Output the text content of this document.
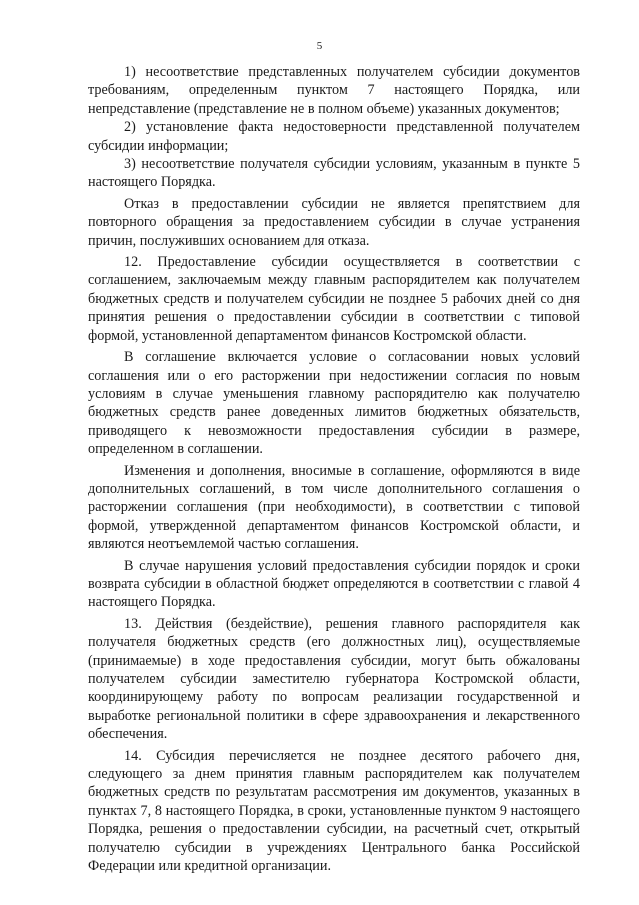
5

1) несоответствие представленных получателем субсидии документов требованиям, определенным пунктом 7 настоящего Порядка, или непредставление (представление не в полном объеме) указанных документов;

2) установление факта недостоверности представленной получателем субсидии информации;

3) несоответствие получателя субсидии условиям, указанным в пункте 5 настоящего Порядка.

Отказ в предоставлении субсидии не является препятствием для повторного обращения за предоставлением субсидии в случае устранения причин, послуживших основанием для отказа.

12. Предоставление субсидии осуществляется в соответствии с соглашением, заключаемым между главным распорядителем как получателем бюджетных средств и получателем субсидии не позднее 5 рабочих дней со дня принятия решения о предоставлении субсидии в соответствии с типовой формой, установленной департаментом финансов Костромской области.

В соглашение включается условие о согласовании новых условий соглашения или о его расторжении при недостижении согласия по новым условиям в случае уменьшения главному распорядителю как получателю бюджетных средств ранее доведенных лимитов бюджетных обязательств, приводящего к невозможности предоставления субсидии в размере, определенном в соглашении.

Изменения и дополнения, вносимые в соглашение, оформляются в виде дополнительных соглашений, в том числе дополнительного соглашения о расторжении соглашения (при необходимости), в соответствии с типовой формой, утвержденной департаментом финансов Костромской области, и являются неотъемлемой частью соглашения.

В случае нарушения условий предоставления субсидии порядок и сроки возврата субсидии в областной бюджет определяются в соответствии с главой 4 настоящего Порядка.

13. Действия (бездействие), решения главного распорядителя как получателя бюджетных средств (его должностных лиц), осуществляемые (принимаемые) в ходе предоставления субсидии, могут быть обжалованы получателем субсидии заместителю губернатора Костромской области, координирующему работу по вопросам реализации государственной и выработке региональной политики в сфере здравоохранения и лекарственного обеспечения.

14. Субсидия перечисляется не позднее десятого рабочего дня, следующего за днем принятия главным распорядителем как получателем бюджетных средств по результатам рассмотрения им документов, указанных в пунктах 7, 8 настоящего Порядка, в сроки, установленные пунктом 9 настоящего Порядка, решения о предоставлении субсидии, на расчетный счет, открытый получателю субсидии в учреждениях Центрального банка Российской Федерации или кредитной организации.
